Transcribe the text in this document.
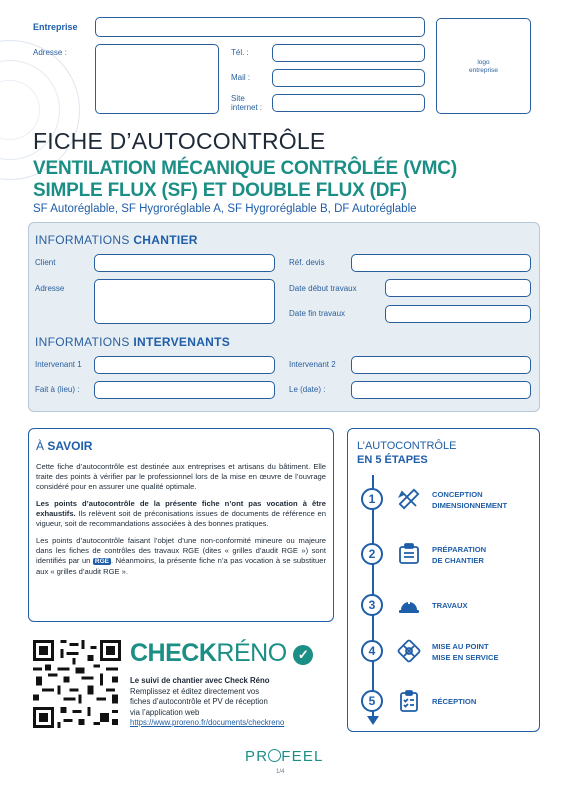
Entreprise
Adresse :	Tél. :
Mail :
Site
internet :
logo
entreprise
FICHE D’AUTOCONTRÔLE
VENTILATION MÉCANIQUE CONTRÔLÉE (VMC)
SIMPLE FLUX (SF) ET DOUBLE FLUX (DF)
SF Autoréglable, SF Hygroréglable A, SF Hygroréglable B, DF Autoréglable
INFORMATIONS CHANTIER
Client	Réf. devis
Adresse	Date début travaux
Date fin travaux
INFORMATIONS INTERVENANTS
Intervenant 1	Intervenant 2
Fait à (lieu) :	Le (date) :
À SAVOIR

Cette fiche d’autocontrôle est destinée aux entreprises et artisans du bâtiment. Elle traite des points à vérifier par le professionnel lors de la mise en œuvre de l’ouvrage considéré pour en assurer une qualité optimale.

Les points d’autocontrôle de la présente fiche n’ont pas vocation à être exhaustifs. Ils relèvent soit de préconisations issues de documents de référence en vigueur, soit de recommandations associées à des bonnes pratiques.

Les points d’autocontrôle faisant l’objet d’une non-conformité mineure ou majeure dans les fiches de contrôles des travaux RGE (dites « grilles d’audit RGE ») sont identifiés par un RGE . Néanmoins, la présente fiche n’a pas vocation à se substituer aux « grilles d’audit RGE ».

L’AUTOCONTRÔLE
EN 5 ÉTAPES
1	CONCEPTION
DIMENSIONNEMENT
2	PRÉPARATION
DE CHANTIER
3	TRAVAUX
4	MISE AU POINT
MISE EN SERVICE
5	RÉCEPTION
CHECKRÉNO ✓
Le suivi de chantier avec Check Réno
Remplissez et éditez directement vos
fiches d’autocontrôle et PV de réception
via l’application web
https://www.proreno.fr/documents/checkreno
PR FEEL
1/4
